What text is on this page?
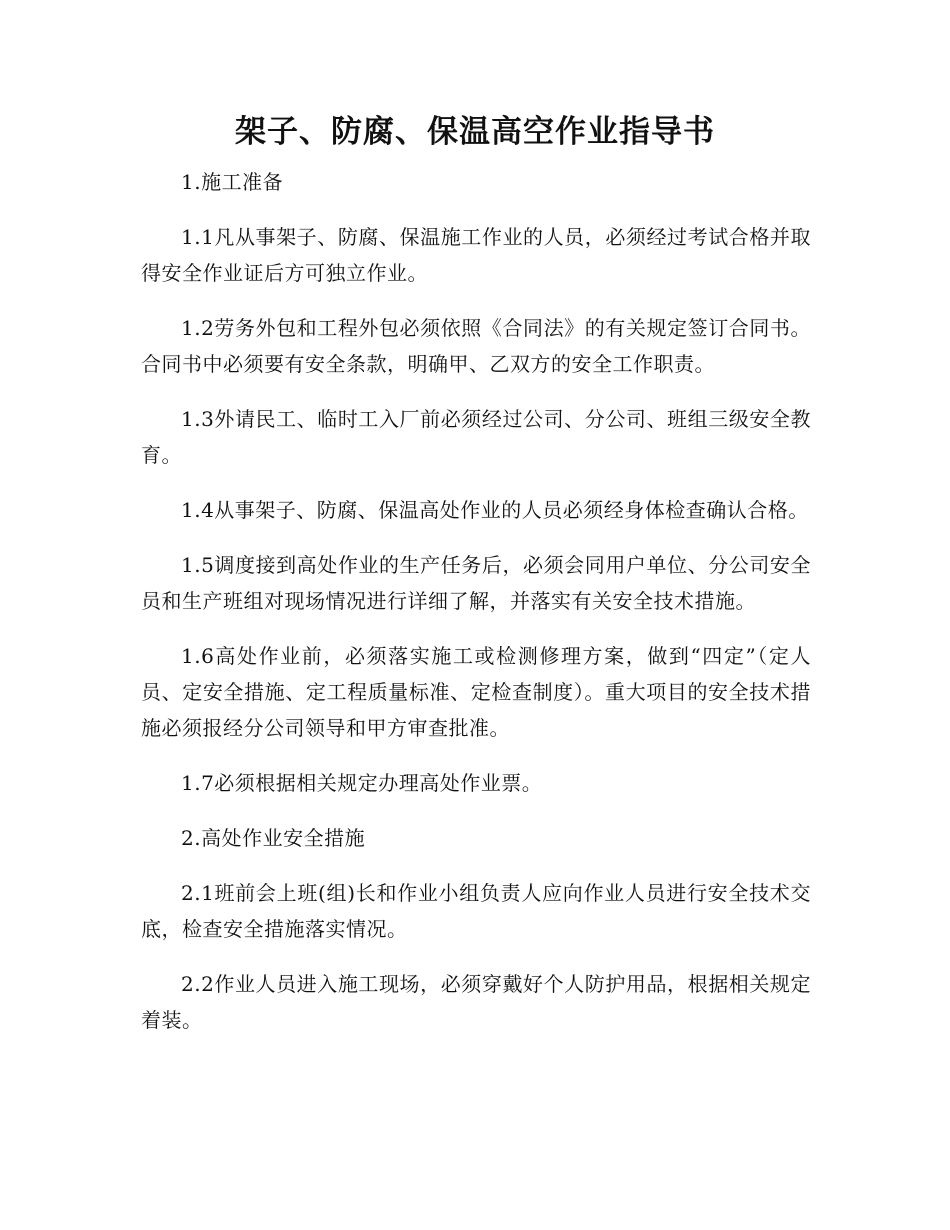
架子、防腐、保温高空作业指导书

1.施工准备

1.1凡从事架子、防腐、保温施工作业的人员，必须经过考试合格并取得安全作业证后方可独立作业。

1.2劳务外包和工程外包必须依照《合同法》的有关规定签订合同书。合同书中必须要有安全条款，明确甲、乙双方的安全工作职责。

1.3外请民工、临时工入厂前必须经过公司、分公司、班组三级安全教育。

1.4从事架子、防腐、保温高处作业的人员必须经身体检查确认合格。

1.5调度接到高处作业的生产任务后，必须会同用户单位、分公司安全员和生产班组对现场情况进行详细了解，并落实有关安全技术措施。

1.6高处作业前，必须落实施工或检测修理方案，做到“四定”（定人员、定安全措施、定工程质量标准、定检查制度）。重大项目的安全技术措施必须报经分公司领导和甲方审查批准。

1.7必须根据相关规定办理高处作业票。

2.高处作业安全措施

2.1班前会上班(组)长和作业小组负责人应向作业人员进行安全技术交底，检查安全措施落实情况。

2.2作业人员进入施工现场，必须穿戴好个人防护用品，根据相关规定着装。
